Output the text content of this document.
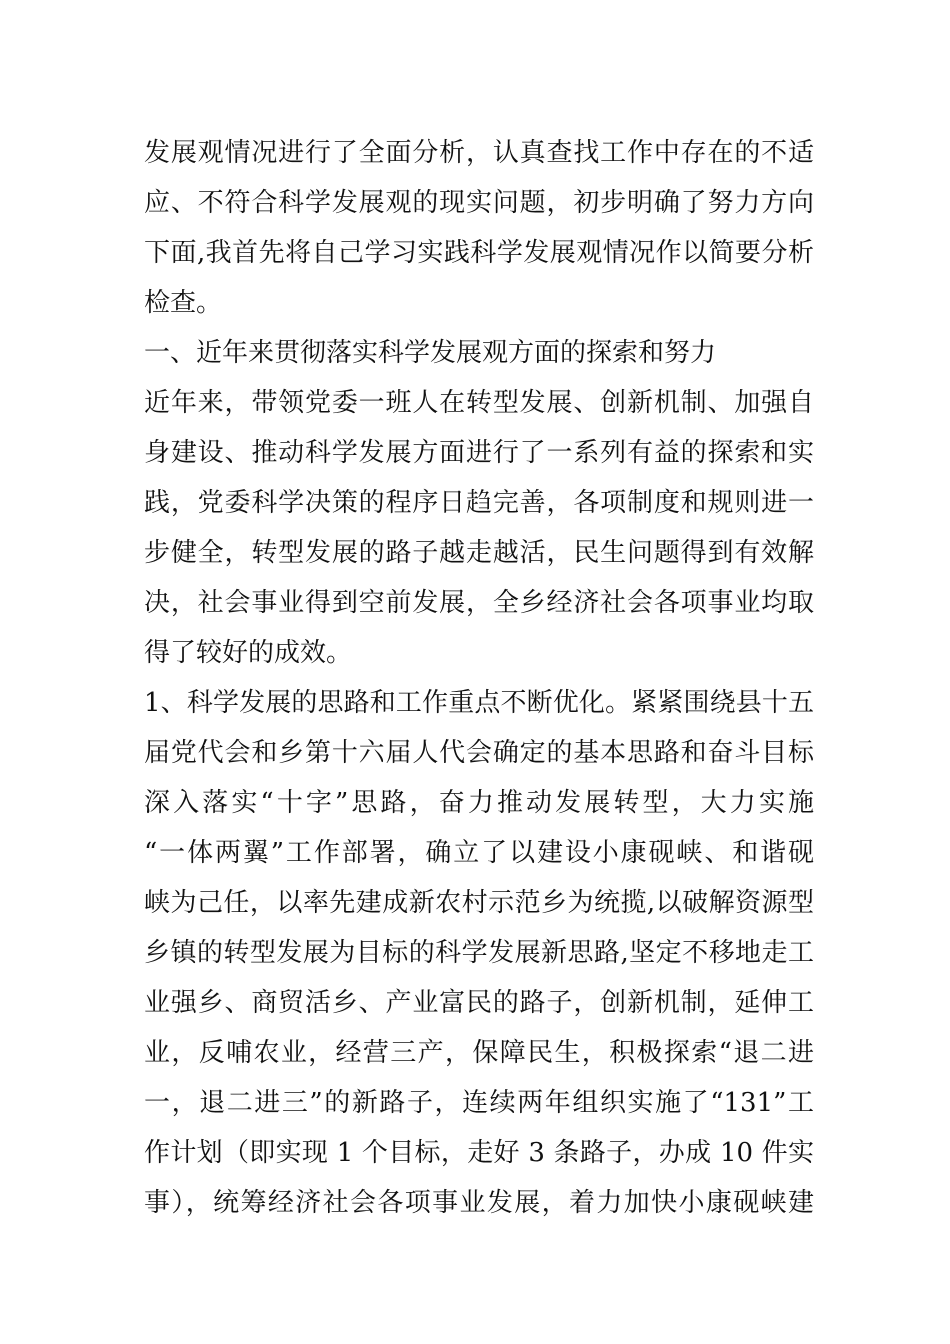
发展观情况进行了全面分析，认真查找工作中存在的不适
应、不符合科学发展观的现实问题，初步明确了努力方向
下面,我首先将自己学习实践科学发展观情况作以简要分析
检查。
一、近年来贯彻落实科学发展观方面的探索和努力
近年来，带领党委一班人在转型发展、创新机制、加强自
身建设、推动科学发展方面进行了一系列有益的探索和实
践，党委科学决策的程序日趋完善，各项制度和规则进一
步健全，转型发展的路子越走越活，民生问题得到有效解
决，社会事业得到空前发展，全乡经济社会各项事业均取
得了较好的成效。
1、科学发展的思路和工作重点不断优化。紧紧围绕县十五
届党代会和乡第十六届人代会确定的基本思路和奋斗目标
深入落实“十字”思路，奋力推动发展转型，大力实施
“一体两翼”工作部署，确立了以建设小康砚峡、和谐砚
峡为己任，以率先建成新农村示范乡为统揽,以破解资源型
乡镇的转型发展为目标的科学发展新思路,坚定不移地走工
业强乡、商贸活乡、产业富民的路子，创新机制，延伸工
业，反哺农业，经营三产，保障民生，积极探索“退二进
一，退二进三”的新路子，连续两年组织实施了“131”工
作计划（即实现 1 个目标，走好 3 条路子，办成 10 件实
事），统筹经济社会各项事业发展，着力加快小康砚峡建
